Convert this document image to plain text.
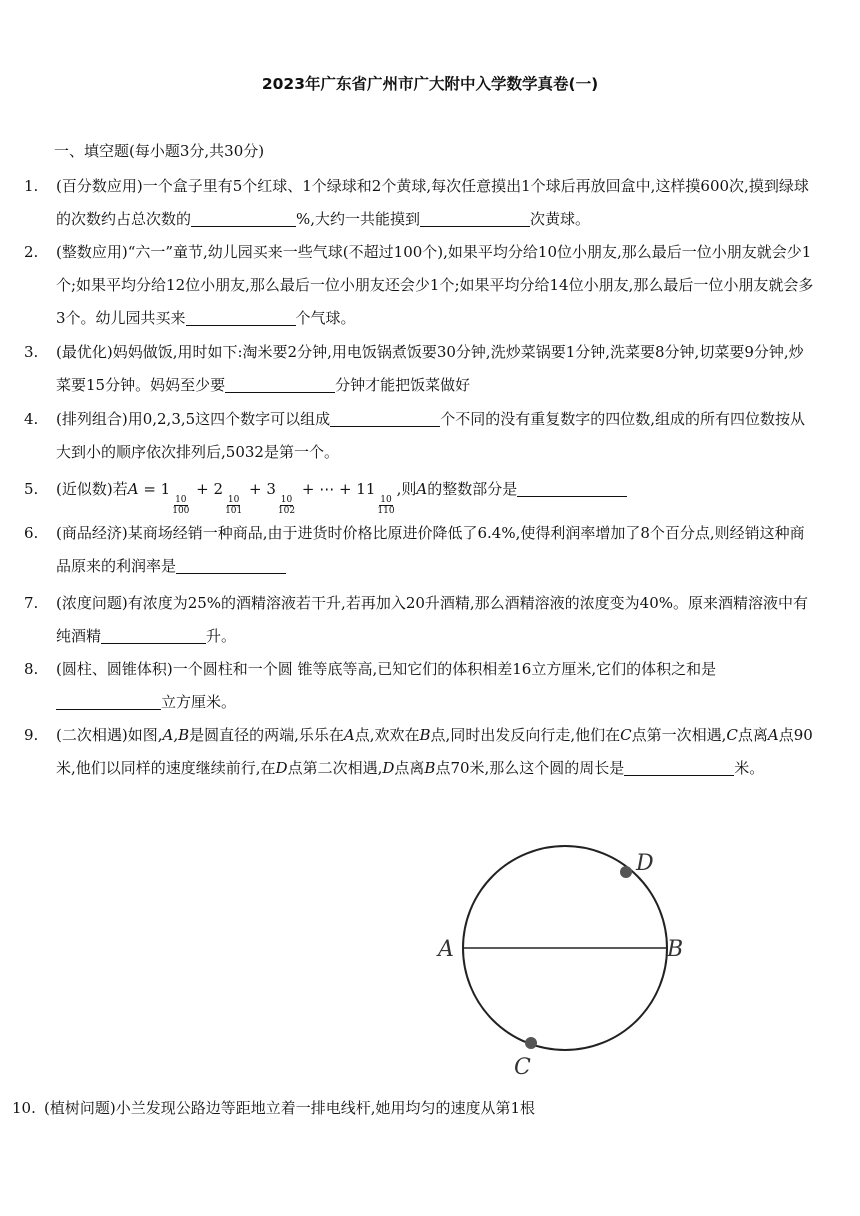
2023年广东省广州市广大附中入学数学真卷(一)
一、填空题(每小题3分,共30分)
1. (百分数应用)一个盒子里有5个红球、1个绿球和2个黄球,每次任意摸出1个球后再放回盒中,这样摸600次,摸到绿球的次数约占总次数的	%,大约一共能摸到	次黄球。
2. (整数应用)“六一”童节,幼儿园买来一些气球(不超过100个),如果平均分给10位小朋友,那么最后一位小朋友就会少1个;如果平均分给12位小朋友,那么最后一位小朋友还会少1个;如果平均分给14位小朋友,那么最后一位小朋友就会多3个。幼儿园共买来	个气球。
3. (最优化)妈妈做饭,用时如下:淘米要2分钟,用电饭锅煮饭要30分钟,洗炒菜锅要1分钟,洗菜要8分钟,切菜要9分钟,炒菜要15分钟。妈妈至少要	分钟才能把饭菜做好
4. (排列组合)用0,2,3,5这四个数字可以组成	个不同的没有重复数字的四位数,组成的所有四位数按从大到小的顺序依次排列后,5032是第一个。
5. (近似数)若A = 1
$\frac{10}{100}$
+ 2
$\frac{10}{101}$
+ 3
$\frac{10}{102}$
+ ⋯ + 11
$\frac{10}{110}$
,则A的整数部分是
6. (商品经济)某商场经销一种商品,由于进货时价格比原进价降低了6.4%,使得利润率增加了8个百分点,则经销这种商品原来的利润率是
7. (浓度问题)有浓度为25%的酒精溶液若干升,若再加入20升酒精,那么酒精溶液的浓度变为40%。原来酒精溶液中有纯酒精	升。
8. (圆柱、圆锥体积)一个圆柱和一个圆 锥等底等高,已知它们的体积相差16立方厘米,它们的体积之和是立方厘米。
9. (二次相遇)如图,A,B是圆直径的两端,乐乐在A点,欢欢在B点,同时出发反向行走,他们在C点第一次相遇,C点离A点90米,他们以同样的速度继续前行,在D点第二次相遇,D点离B点70米,那么这个圆的周长是	米。
A	B
C
D
10. (植树问题)小兰发现公路边等距地立着一排电线杆,她用均匀的速度从第1根
